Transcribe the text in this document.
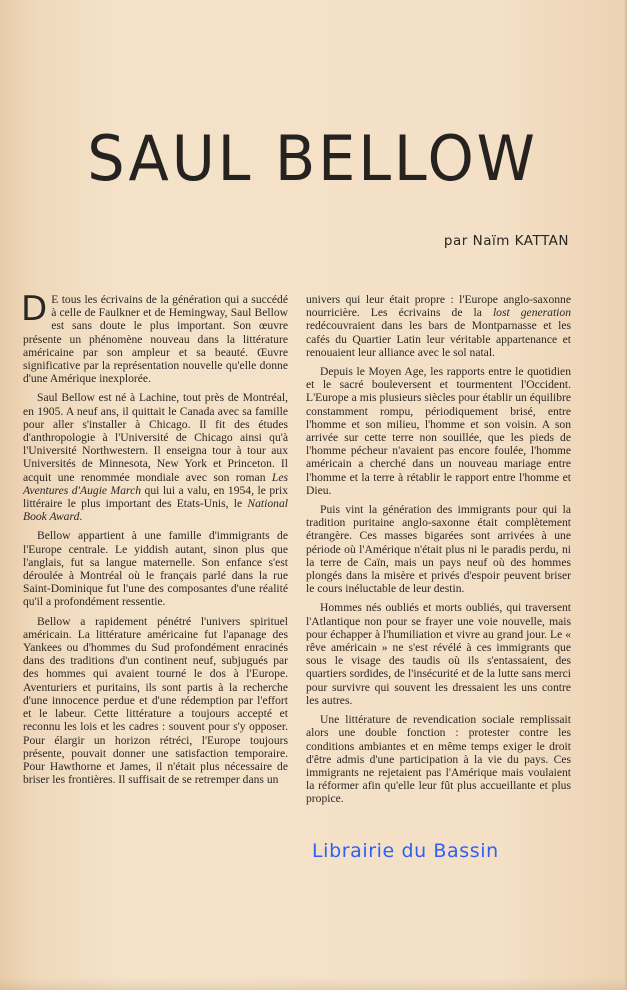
SAUL BELLOW
par Naïm KATTAN

D E tous les écrivains de la génération qui a succédé à celle de Faulkner et de Hemingway, Saul Bellow est sans doute le plus important. Son œuvre présente un phénomène nouveau dans la littérature américaine par son ampleur et sa beauté. Œuvre significative par la représentation nouvelle qu'elle donne d'une Amérique inexplorée.

Saul Bellow est né à Lachine, tout près de Montréal, en 1905. A neuf ans, il quittait le Canada avec sa famille pour aller s'installer à Chicago. Il fit des études d'anthropologie à l'Université de Chicago ainsi qu'à l'Université Northwestern. Il enseigna tour à tour aux Universités de Minnesota, New York et Princeton. Il acquit une renommée mondiale avec son roman Les Aventures d'Augie March qui lui a valu, en 1954, le prix littéraire le plus important des Etats-Unis, le National Book Award.

Bellow appartient à une famille d'immigrants de l'Europe centrale. Le yiddish autant, sinon plus que l'anglais, fut sa langue maternelle. Son enfance s'est déroulée à Montréal où le français parlé dans la rue Saint-Dominique fut l'une des composantes d'une réalité qu'il a profondément ressentie.

Bellow a rapidement pénétré l'univers spirituel américain. La littérature américaine fut l'apanage des Yankees ou d'hommes du Sud profondément enracinés dans des traditions d'un continent neuf, subjugués par des hommes qui avaient tourné le dos à l'Europe. Aventuriers et puritains, ils sont partis à la recherche d'une innocence perdue et d'une rédemption par l'effort et le labeur. Cette littérature a toujours accepté et reconnu les lois et les cadres : souvent pour s'y opposer. Pour élargir un horizon rétréci, l'Europe toujours présente, pouvait donner une satisfaction temporaire. Pour Hawthorne et James, il n'était plus nécessaire de briser les frontières. Il suffisait de se retremper dans un

univers qui leur était propre : l'Europe anglo-saxonne nourricière. Les écrivains de la lost generation redécouvraient dans les bars de Montparnasse et les cafés du Quartier Latin leur véritable appartenance et renouaient leur alliance avec le sol natal.

Depuis le Moyen Age, les rapports entre le quotidien et le sacré bouleversent et tourmentent l'Occident. L'Europe a mis plusieurs siècles pour établir un équilibre constamment rompu, périodiquement brisé, entre l'homme et son milieu, l'homme et son voisin. A son arrivée sur cette terre non souillée, que les pieds de l'homme pécheur n'avaient pas encore foulée, l'homme américain a cherché dans un nouveau mariage entre l'homme et la terre à rétablir le rapport entre l'homme et Dieu.

Puis vint la génération des immigrants pour qui la tradition puritaine anglo-saxonne était complètement étrangère. Ces masses bigarées sont arrivées à une période où l'Amérique n'était plus ni le paradis perdu, ni la terre de Caïn, mais un pays neuf où des hommes plongés dans la misère et privés d'espoir peuvent briser le cours inéluctable de leur destin.

Hommes nés oubliés et morts oubliés, qui traversent l'Atlantique non pour se frayer une voie nouvelle, mais pour échapper à l'humiliation et vivre au grand jour. Le « rêve américain » ne s'est révélé à ces immigrants que sous le visage des taudis où ils s'entassaient, des quartiers sordides, de l'insécurité et de la lutte sans merci pour survivre qui souvent les dressaient les uns contre les autres.

Une littérature de revendication sociale remplissait alors une double fonction : protester contre les conditions ambiantes et en même temps exiger le droit d'être admis d'une participation à la vie du pays. Ces immigrants ne rejetaient pas l'Amérique mais voulaient la réformer afin qu'elle leur fût plus accueillante et plus propice.

Librairie du Bassin
